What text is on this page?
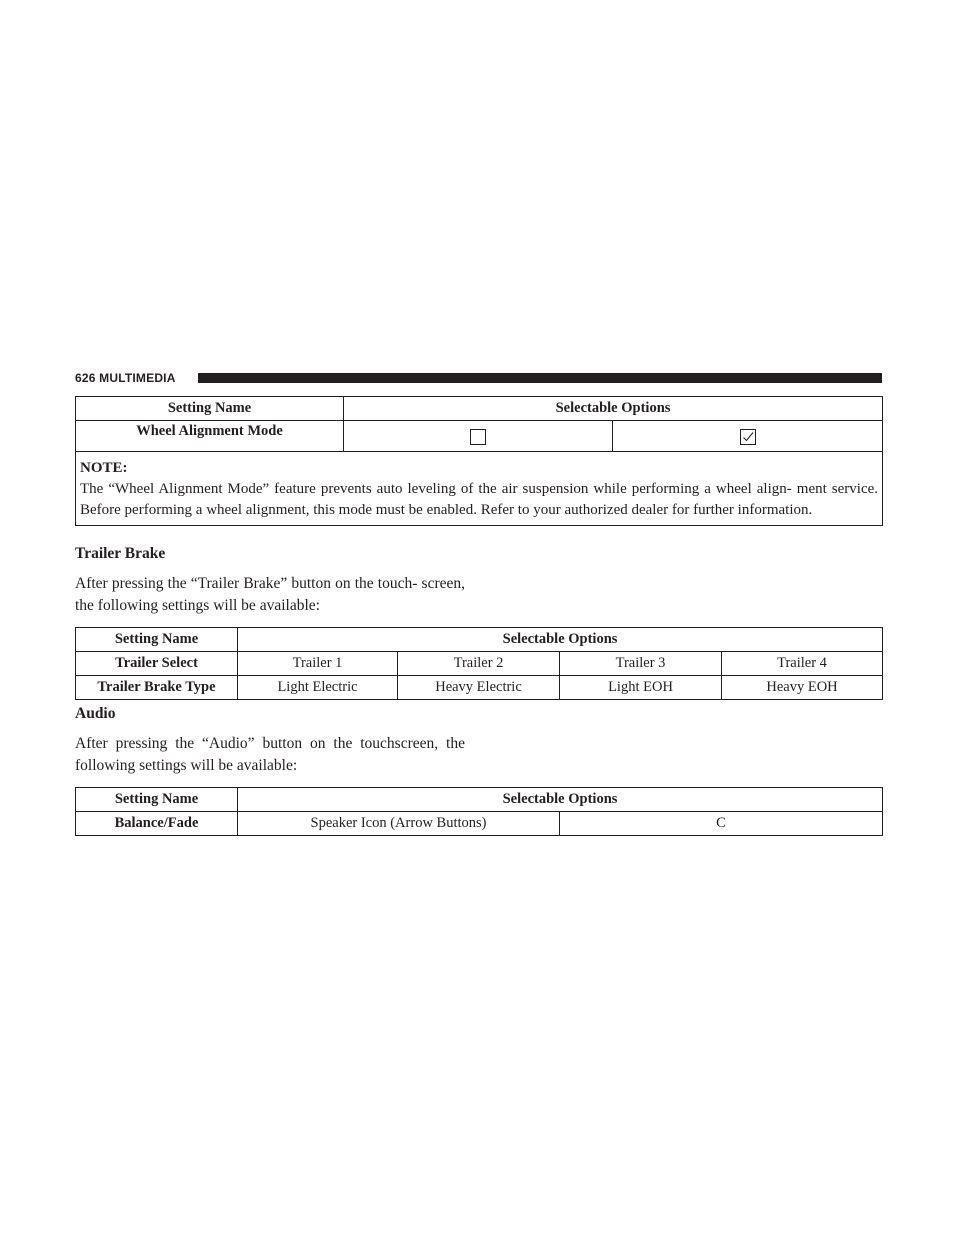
626 MULTIMEDIA
Setting Name	Selectable Options	
Wheel Alignment Mode		

NOTE:
The “Wheel Alignment Mode” feature prevents auto leveling of the air suspension while performing a wheel align- ment service. Before performing a wheel alignment, this mode must be enabled. Refer to your authorized dealer for further information.		
Trailer Brake
After pressing the “Trailer Brake” button on the touch- screen, the following settings will be available:
Setting Name	Selectable Options			
Trailer Select	Trailer 1	Trailer 2	Trailer 3	Trailer 4
Trailer Brake Type	Light Electric	Heavy Electric	Light EOH	Heavy EOH
Audio
After pressing the “Audio” button on the touchscreen, the following settings will be available:
Setting Name	Selectable Options	
Balance/Fade	Speaker Icon (Arrow Buttons)	C
